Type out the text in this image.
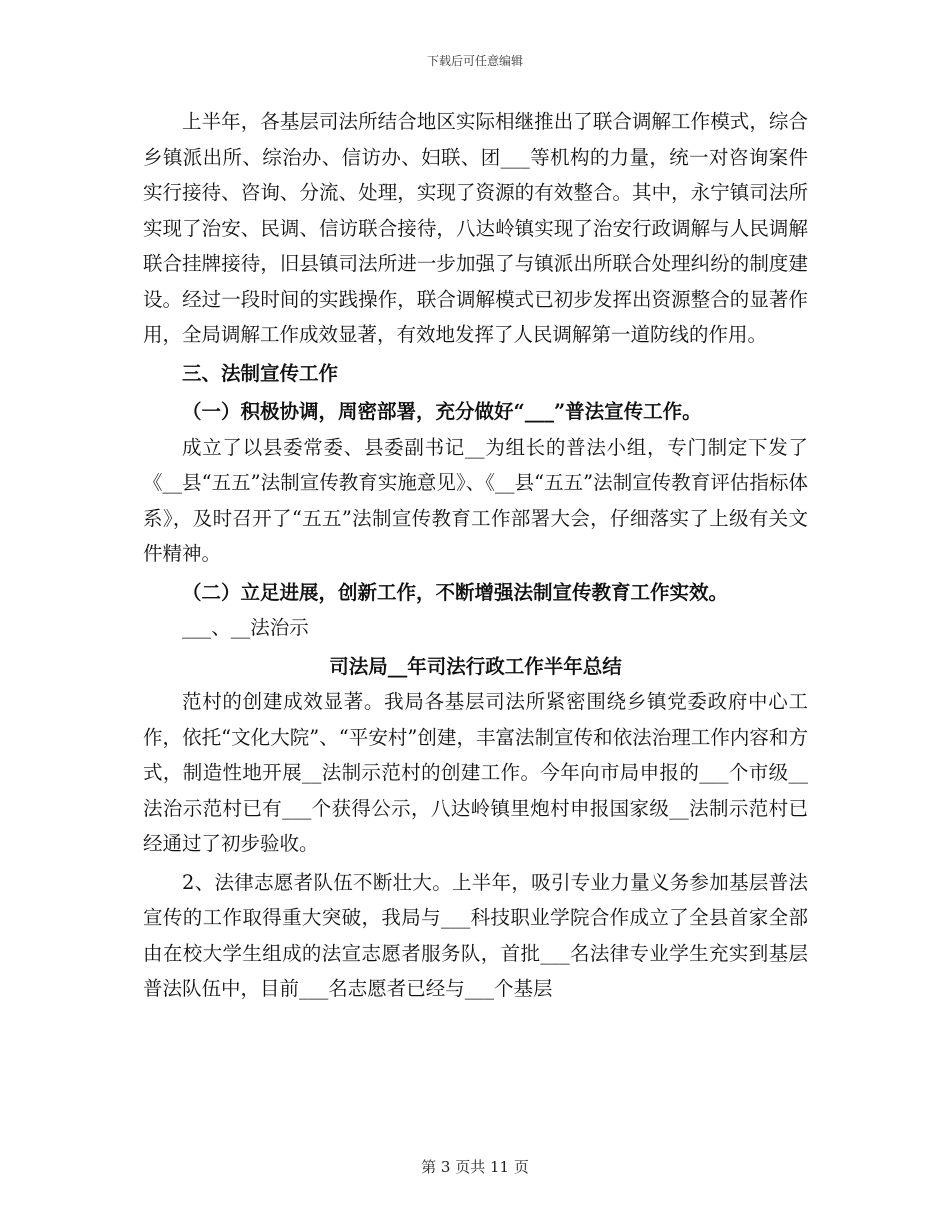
下载后可任意编辑

上半年，各基层司法所结合地区实际相继推出了联合调解工作模式，综合乡镇派出所、综治办、信访办、妇联、团___等机构的力量，统一对咨询案件实行接待、咨询、分流、处理，实现了资源的有效整合。其中，永宁镇司法所实现了治安、民调、信访联合接待，八达岭镇实现了治安行政调解与人民调解联合挂牌接待，旧县镇司法所进一步加强了与镇派出所联合处理纠纷的制度建设。经过一段时间的实践操作，联合调解模式已初步发挥出资源整合的显著作用，全局调解工作成效显著，有效地发挥了人民调解第一道防线的作用。

三、法制宣传工作

（一）积极协调，周密部署，充分做好“___”普法宣传工作。

成立了以县委常委、县委副书记__为组长的普法小组，专门制定下发了《__县“五五”法制宣传教育实施意见》、《__县“五五”法制宣传教育评估指标体系》，及时召开了“五五”法制宣传教育工作部署大会，仔细落实了上级有关文件精神。

（二）立足进展，创新工作，不断增强法制宣传教育工作实效。

___、__法治示

司法局__年司法行政工作半年总结

范村的创建成效显著。我局各基层司法所紧密围绕乡镇党委政府中心工作，依托“文化大院”、“平安村”创建，丰富法制宣传和依法治理工作内容和方式，制造性地开展__法制示范村的创建工作。今年向市局申报的___个市级__法治示范村已有___个获得公示，八达岭镇里炮村申报国家级__法制示范村已经通过了初步验收。

2、法律志愿者队伍不断壮大。上半年，吸引专业力量义务参加基层普法宣传的工作取得重大突破，我局与___科技职业学院合作成立了全县首家全部由在校大学生组成的法宣志愿者服务队，首批___名法律专业学生充实到基层普法队伍中，目前___名志愿者已经与___个基层

第 3 页共 11 页
